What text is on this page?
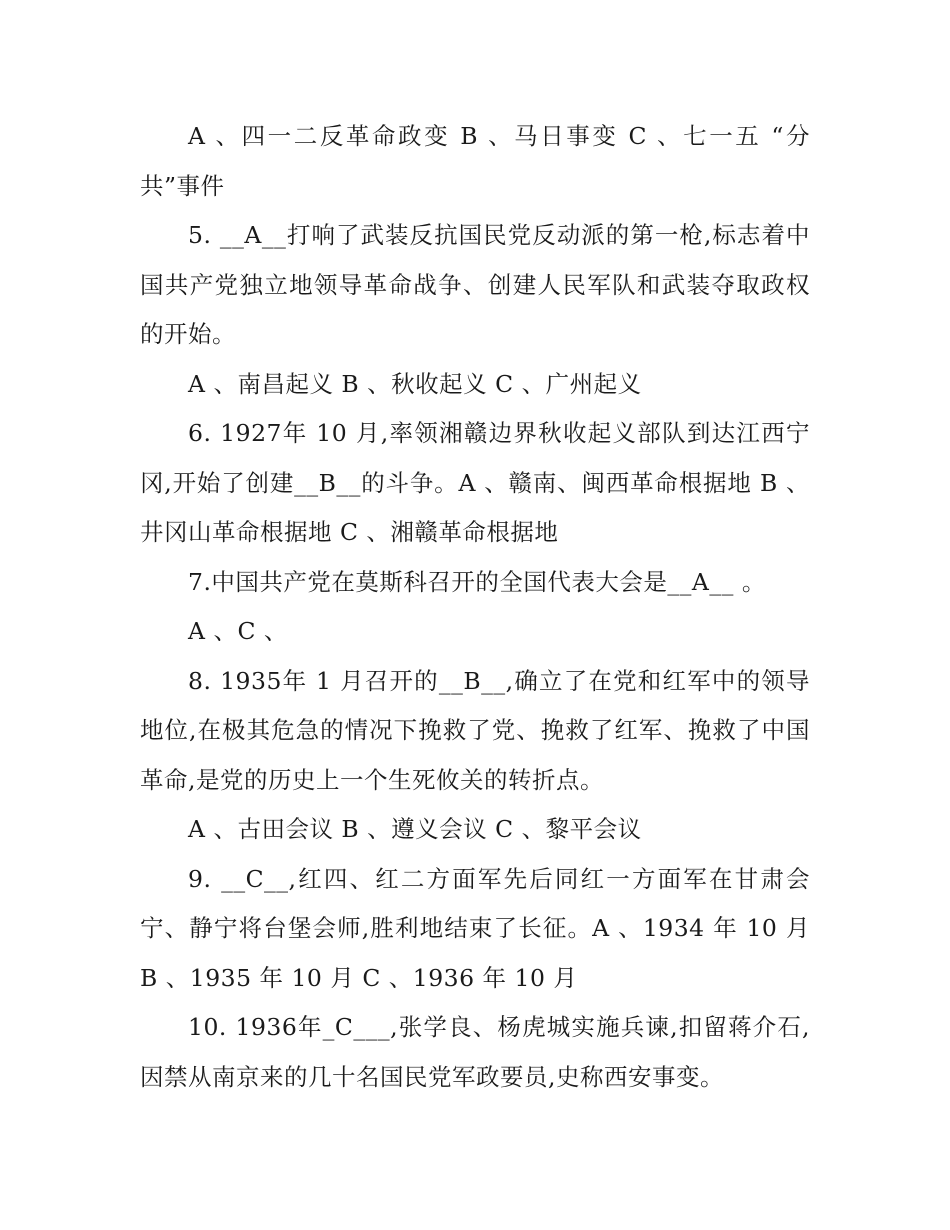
A 、四一二反革命政变 B 、马日事变 C 、七一五 “分共”事件

5. __A__打响了武装反抗国民党反动派的第一枪,标志着中国共产党独立地领导革命战争、创建人民军队和武装夺取政权的开始。

A 、南昌起义 B 、秋收起义 C 、广州起义

6. 1927年 10 月,率领湘赣边界秋收起义部队到达江西宁冈,开始了创建__B__的斗争。A 、赣南、闽西革命根据地 B 、井冈山革命根据地 C 、湘赣革命根据地

7.中国共产党在莫斯科召开的全国代表大会是__A__ 。

A 、C 、

8. 1935年 1 月召开的__B__,确立了在党和红军中的领导地位,在极其危急的情况下挽救了党、挽救了红军、挽救了中国革命,是党的历史上一个生死攸关的转折点。

A 、古田会议 B 、遵义会议 C 、黎平会议

9. __C__,红四、红二方面军先后同红一方面军在甘肃会宁、静宁将台堡会师,胜利地结束了长征。A 、1934 年 10 月 B 、1935 年 10 月 C 、1936 年 10 月

10. 1936年_C___,张学良、杨虎城实施兵谏,扣留蒋介石,因禁从南京来的几十名国民党军政要员,史称西安事变。
